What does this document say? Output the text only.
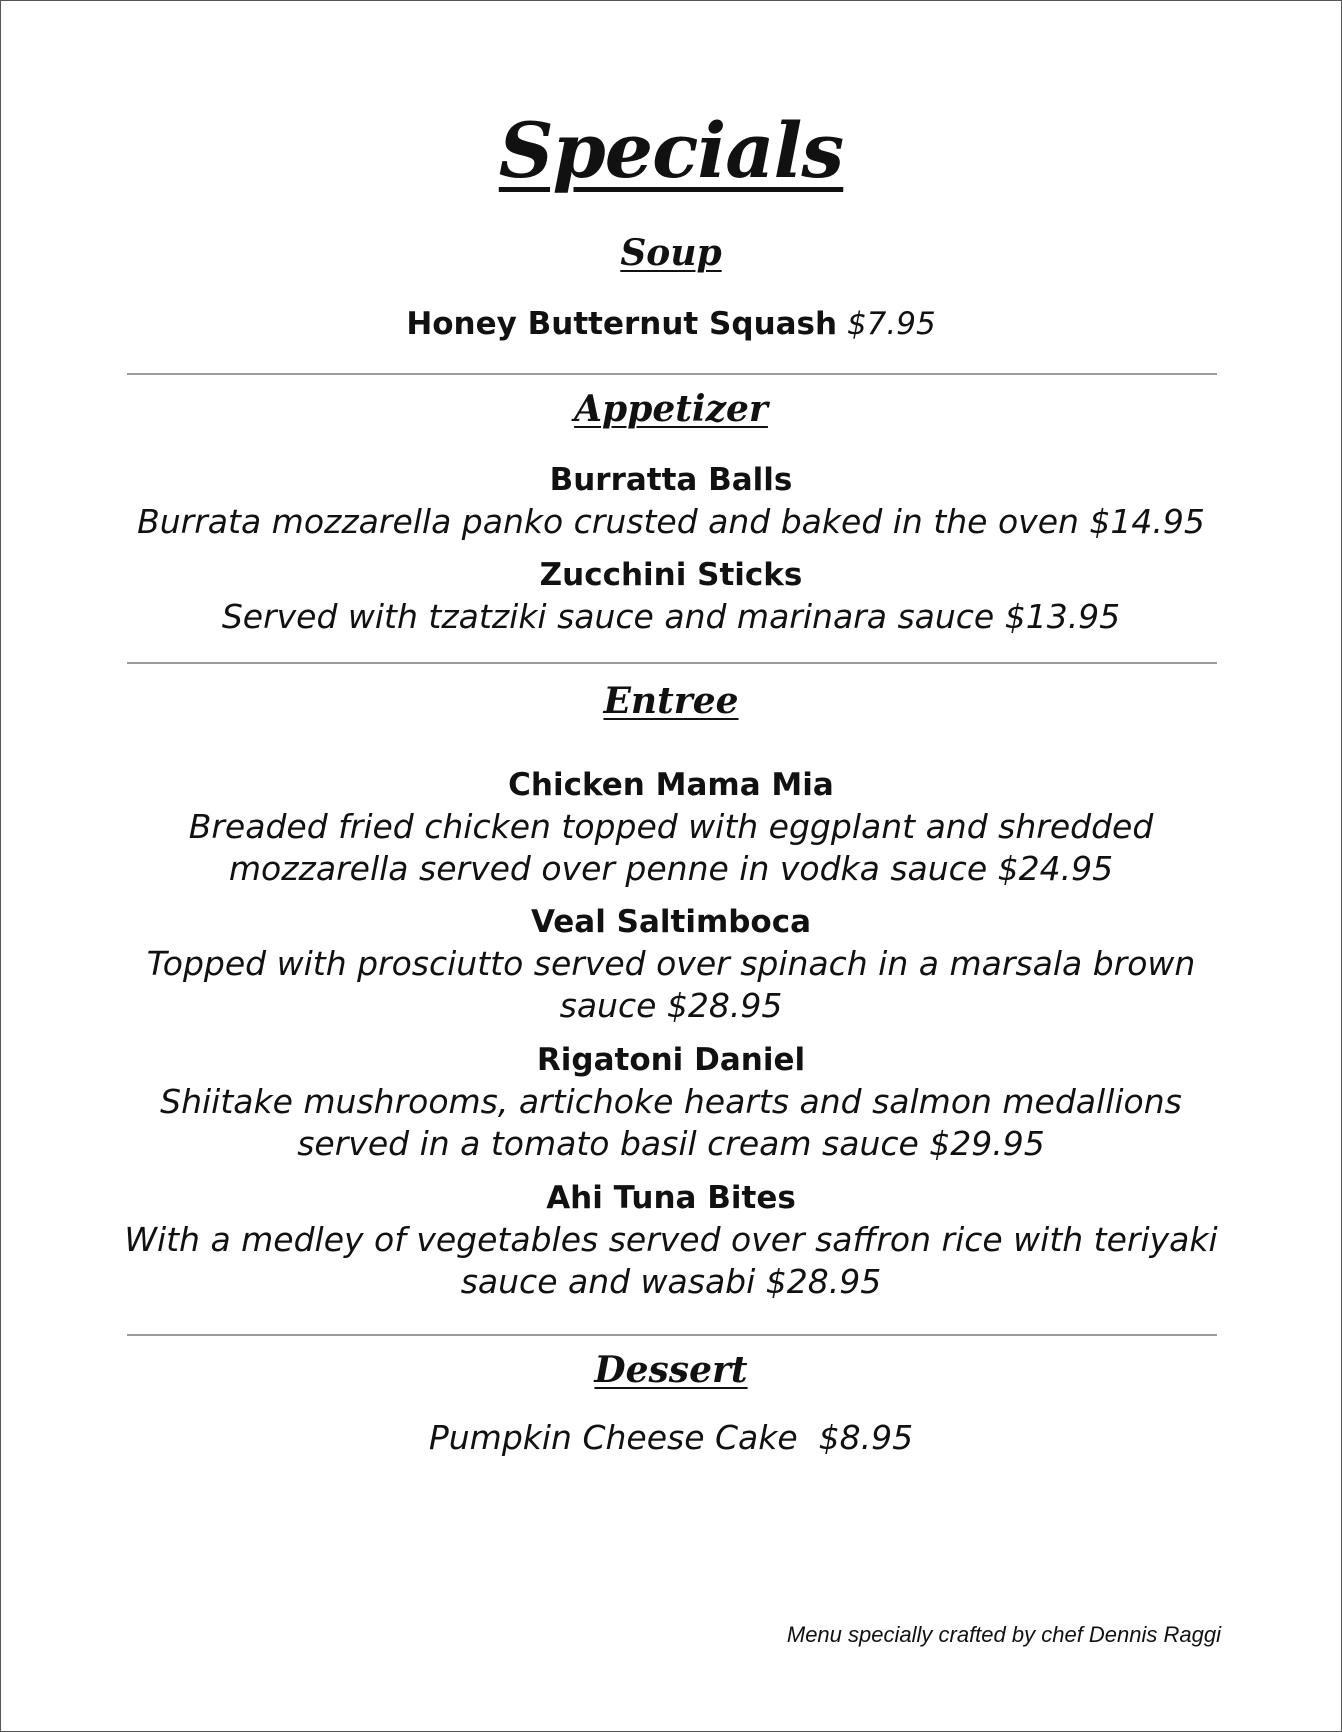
Specials
Soup
Honey Butternut Squash $7.95
Appetizer
Burratta Balls
Burrata mozzarella panko crusted and baked in the oven $14.95
Zucchini Sticks
Served with tzatziki sauce and marinara sauce $13.95
Entree
Chicken Mama Mia
Breaded fried chicken topped with eggplant and shredded mozzarella served over penne in vodka sauce $24.95
Veal Saltimboca
Topped with prosciutto served over spinach in a marsala brown sauce $28.95
Rigatoni Daniel
Shiitake mushrooms, artichoke hearts and salmon medallions served in a tomato basil cream sauce $29.95
Ahi Tuna Bites
With a medley of vegetables served over saffron rice with teriyaki sauce and wasabi $28.95
Dessert
Pumpkin Cheese Cake  $8.95
Menu specially crafted by chef Dennis Raggi
